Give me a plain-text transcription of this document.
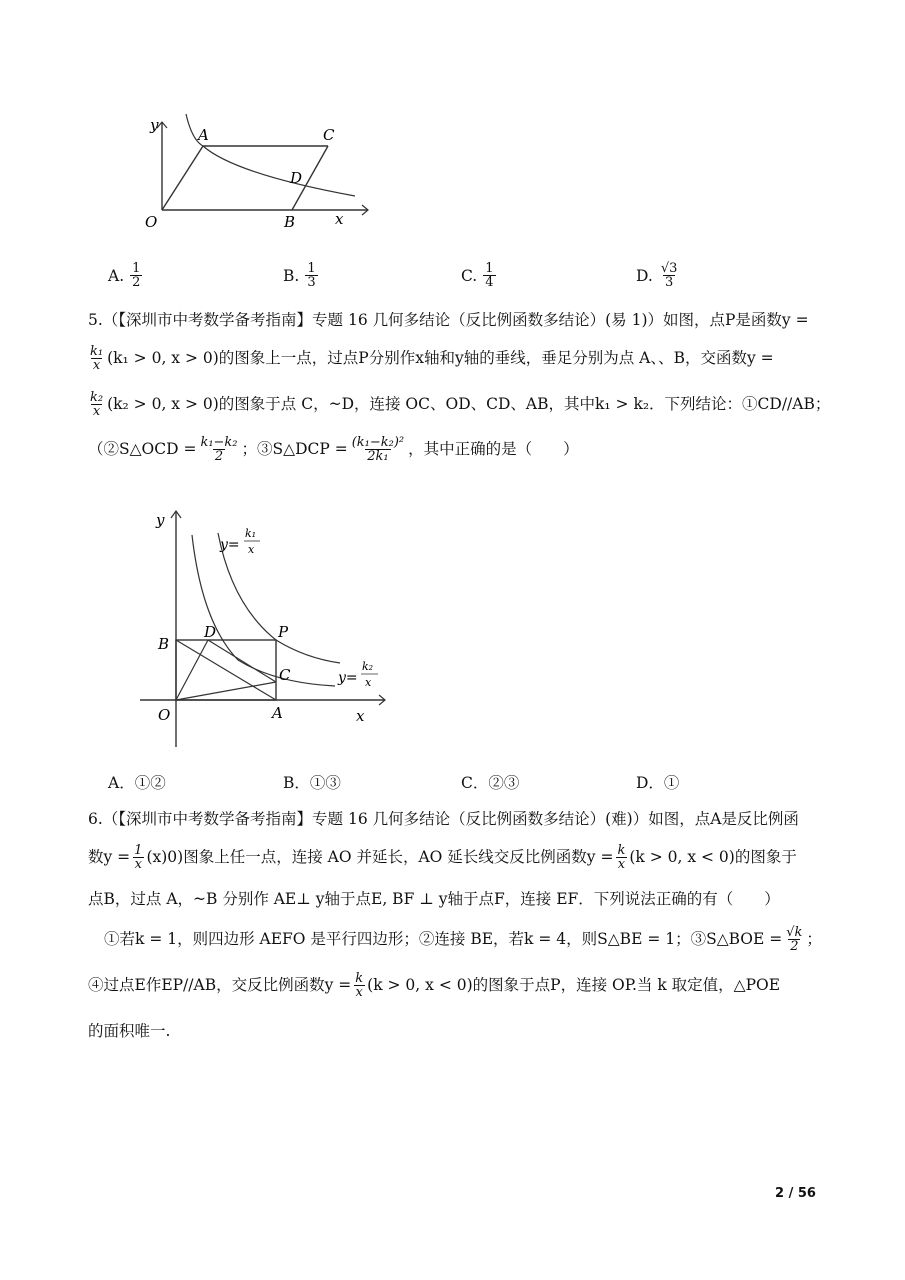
y
x
O
A
B
C
D
A. $\frac{1}{2}$	B. $\frac{1}{3}$	C. $\frac{1}{4}$	D. $\frac{√3}{3}$
5.（【深圳市中考数学备考指南】专题 16 几何多结论（反比例函数多结论）(易 1)）如图，点P是函数y =
$\frac{\text{k₁}}{x} (k_1 > 0$, x > 0)的图象上一点，过点P分别作x轴和y轴的垂线，垂足分别为点 A、、B，交函数y =
$\frac{\text{k₂}}{x} (k_2 > 0$, x > 0)的图象于点 C，~D，连接 OC、OD、CD、AB，其中k₁ > k₂．下列结论：①CD//AB；
（②S△OCD = $\frac{\text{k₁−k₂}}{2}$ ；③S△DCP = $\frac{\text{(k₁−k₂)²}}{\text{2k₁}}$ ，其中正确的是（　　）
y
x
O	A
B
C
D	P
y=
k₁
x
y=
k₂
x
A．①②	B．①③	C．②③	D．①
6.（【深圳市中考数学备考指南】专题 16 几何多结论（反比例函数多结论）(难)）如图，点A是反比例函
数$y = \frac{1}{x} (x)0$)图象上任一点，连接 AO 并延长，AO 延长线交反比例函数$y = \frac{k}{x} (k > 0$, x < 0)的图象于
点B，过点 A，~B 分别作 AE⊥ y轴于点E, BF ⊥ y轴于点F，连接 EF．下列说法正确的有（　　）
①若k = 1，则四边形 AEFO 是平行四边形；②连接 BE，若k = 4，则S△BE = 1；③S△BOE = $\frac{√k}{2}$ ；
④过点E作EP//AB，交反比例函数$y = \frac{k}{x} (k > 0$, x < 0)的图象于点P，连接 OP.当 k 取定值，△POE
的面积唯一.
2 / 56
